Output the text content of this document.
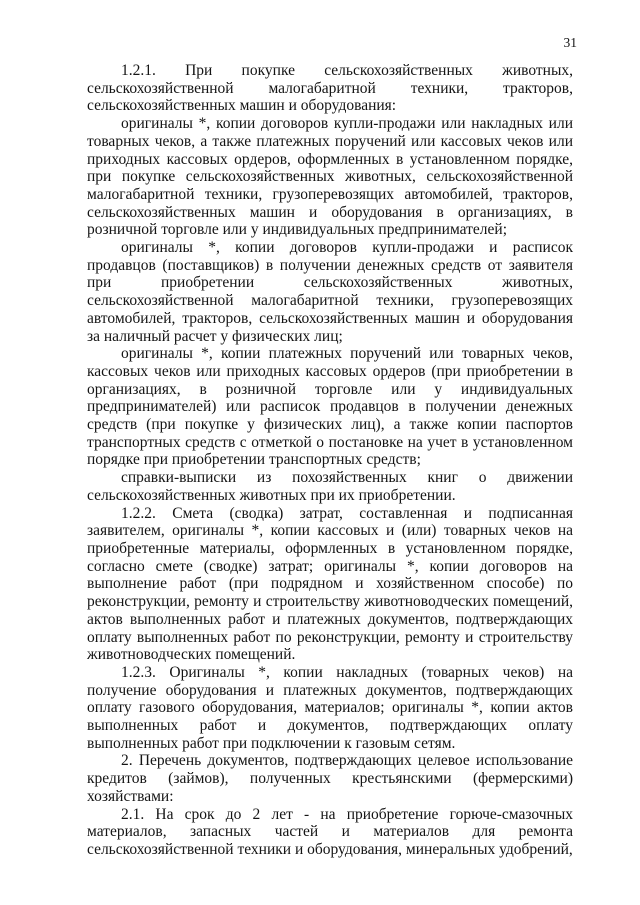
31

1.2.1. При покупке сельскохозяйственных животных, сельскохозяйственной малогабаритной техники, тракторов, сельскохозяйственных машин и оборудования:

оригиналы *, копии договоров купли-продажи или накладных или товарных чеков, а также платежных поручений или кассовых чеков или приходных кассовых ордеров, оформленных в установленном порядке, при покупке сельскохозяйственных животных, сельскохозяйственной малогабаритной техники, грузоперевозящих автомобилей, тракторов, сельскохозяйственных машин и оборудования в организациях, в розничной торговле или у индивидуальных предпринимателей;

оригиналы *, копии договоров купли-продажи и расписок продавцов (поставщиков) в получении денежных средств от заявителя при приобретении сельскохозяйственных животных, сельскохозяйственной малогабаритной техники, грузоперевозящих автомобилей, тракторов, сельскохозяйственных машин и оборудования за наличный расчет у физических лиц;

оригиналы *, копии платежных поручений или товарных чеков, кассовых чеков или приходных кассовых ордеров (при приобретении в организациях, в розничной торговле или у индивидуальных предпринимателей) или расписок продавцов в получении денежных средств (при покупке у физических лиц), а также копии паспортов транспортных средств с отметкой о постановке на учет в установленном порядке при приобретении транспортных средств;

справки-выписки из похозяйственных книг о движении сельскохозяйственных животных при их приобретении.

1.2.2. Смета (сводка) затрат, составленная и подписанная заявителем, оригиналы *, копии кассовых и (или) товарных чеков на приобретенные материалы, оформленных в установленном порядке, согласно смете (сводке) затрат; оригиналы *, копии договоров на выполнение работ (при подрядном и хозяйственном способе) по реконструкции, ремонту и строительству животноводческих помещений, актов выполненных работ и платежных документов, подтверждающих оплату выполненных работ по реконструкции, ремонту и строительству животноводческих помещений.

1.2.3. Оригиналы *, копии накладных (товарных чеков) на получение оборудования и платежных документов, подтверждающих оплату газового оборудования, материалов; оригиналы *, копии актов выполненных работ и документов, подтверждающих оплату выполненных работ при подключении к газовым сетям.

2. Перечень документов, подтверждающих целевое использование кредитов (займов), полученных крестьянскими (фермерскими) хозяйствами:

2.1. На срок до 2 лет - на приобретение горюче-смазочных материалов, запасных частей и материалов для ремонта сельскохозяйственной техники и оборудования, минеральных удобрений,
